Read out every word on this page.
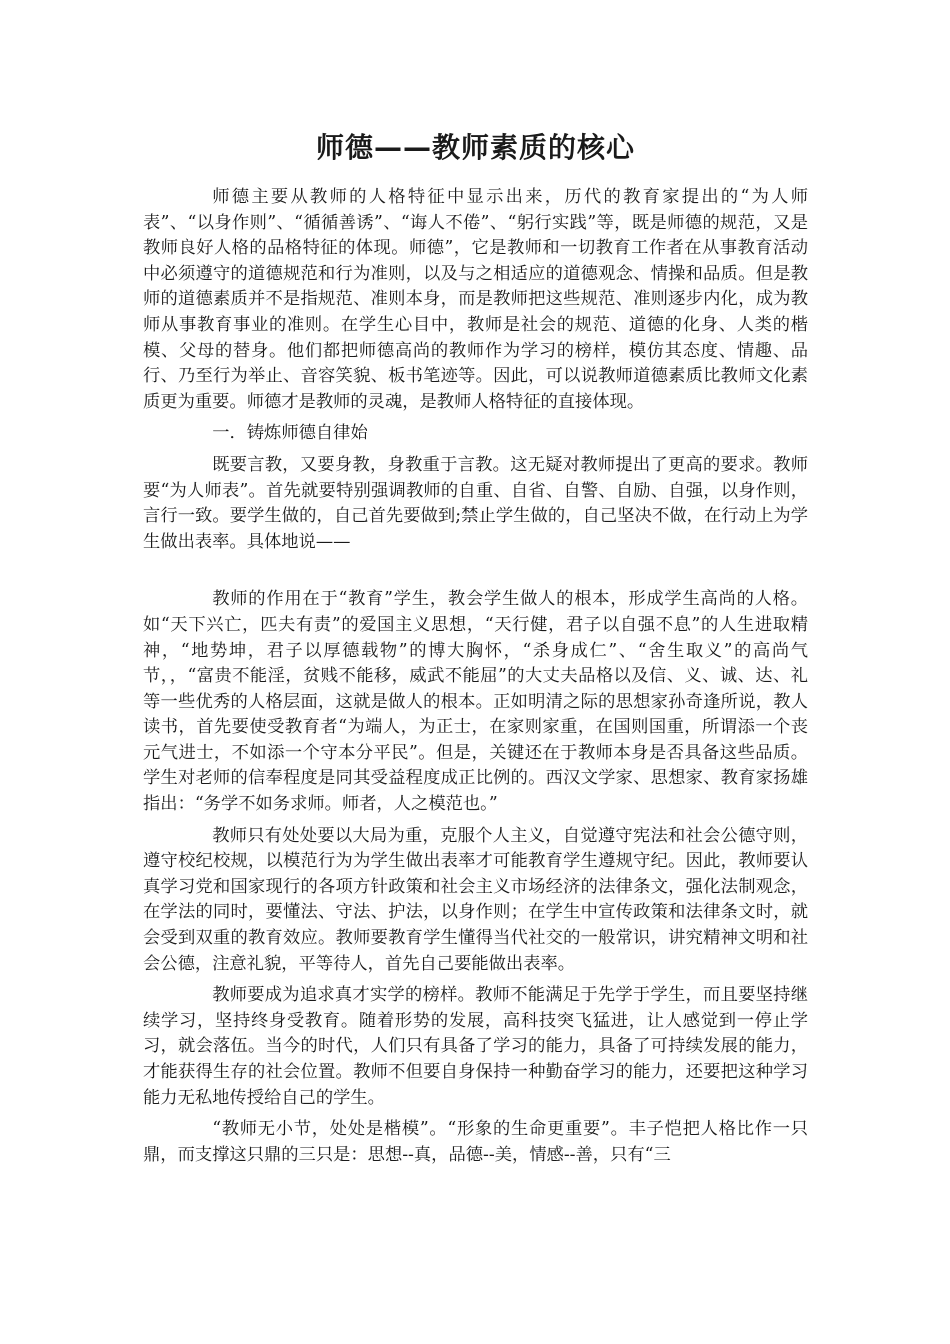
师德——教师素质的核心

师德主要从教师的人格特征中显示出来，历代的教育家提出的“为人师表”、“以身作则”、“循循善诱”、“诲人不倦”、“躬行实践”等，既是师德的规范，又是教师良好人格的品格特征的体现。师德”，它是教师和一切教育工作者在从事教育活动中必须遵守的道德规范和行为准则，以及与之相适应的道德观念、情操和品质。但是教师的道德素质并不是指规范、准则本身，而是教师把这些规范、准则逐步内化，成为教师从事教育事业的准则。在学生心目中，教师是社会的规范、道德的化身、人类的楷模、父母的替身。他们都把师德高尚的教师作为学习的榜样，模仿其态度、情趣、品行、乃至行为举止、音容笑貌、板书笔迹等。因此，可以说教师道德素质比教师文化素质更为重要。师德才是教师的灵魂，是教师人格特征的直接体现。

一．铸炼师德自律始

既要言教，又要身教，身教重于言教。这无疑对教师提出了更高的要求。教师要“为人师表”。首先就要特别强调教师的自重、自省、自警、自励、自强，以身作则，言行一致。要学生做的，自己首先要做到;禁止学生做的，自己坚决不做，在行动上为学生做出表率。具体地说——

教师的作用在于“教育”学生，教会学生做人的根本，形成学生高尚的人格。如“天下兴亡，匹夫有责”的爱国主义思想，“天行健，君子以自强不息”的人生进取精神，“地势坤，君子以厚德载物”的博大胸怀，“杀身成仁”、“舍生取义”的高尚气节，，“富贵不能淫，贫贱不能移，威武不能屈”的大丈夫品格以及信、义、诚、达、礼等一些优秀的人格层面，这就是做人的根本。正如明清之际的思想家孙奇逢所说，教人读书，首先要使受教育者“为端人，为正士，在家则家重，在国则国重，所谓添一个丧元气进士，不如添一个守本分平民”。但是，关键还在于教师本身是否具备这些品质。学生对老师的信奉程度是同其受益程度成正比例的。西汉文学家、思想家、教育家扬雄指出：“务学不如务求师。师者，人之模范也。”

教师只有处处要以大局为重，克服个人主义，自觉遵守宪法和社会公德守则，遵守校纪校规，以模范行为为学生做出表率才可能教育学生遵规守纪。因此，教师要认真学习党和国家现行的各项方针政策和社会主义市场经济的法律条文，强化法制观念，在学法的同时，要懂法、守法、护法，以身作则；在学生中宣传政策和法律条文时，就会受到双重的教育效应。教师要教育学生懂得当代社交的一般常识，讲究精神文明和社会公德，注意礼貌，平等待人，首先自己要能做出表率。

教师要成为追求真才实学的榜样。教师不能满足于先学于学生，而且要坚持继续学习，坚持终身受教育。随着形势的发展，高科技突飞猛进，让人感觉到一停止学习，就会落伍。当今的时代，人们只有具备了学习的能力，具备了可持续发展的能力，才能获得生存的社会位置。教师不但要自身保持一种勤奋学习的能力，还要把这种学习能力无私地传授给自己的学生。

“教师无小节，处处是楷模”。“形象的生命更重要”。丰子恺把人格比作一只鼎，而支撑这只鼎的三只是：思想--真，品德--美，情感--善，只有“三
